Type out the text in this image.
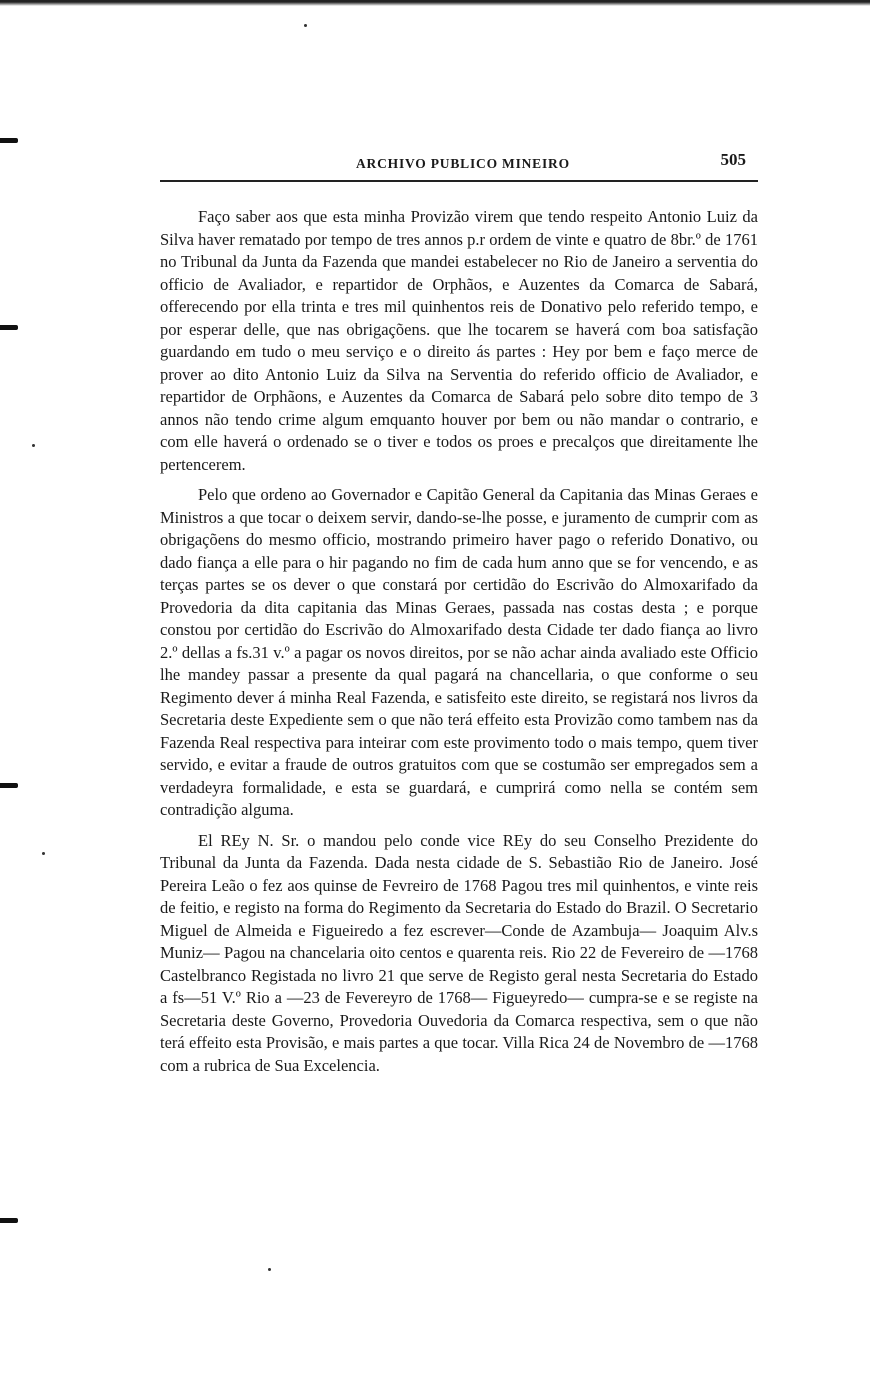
ARCHIVO PUBLICO MINEIRO	505

Faço saber aos que esta minha Provizão virem que tendo respeito Antonio Luiz da Silva haver rematado por tempo de tres annos p.r ordem de vinte e quatro de 8br.º de 1761 no Tribunal da Junta da Fazenda que mandei estabelecer no Rio de Janeiro a serventia do officio de Avaliador, e repartidor de Orphãos, e Auzentes da Comarca de Sabará, offerecendo por ella trinta e tres mil quinhentos reis de Donativo pelo referido tempo, e por esperar delle, que nas obrigaçõens. que lhe tocarem se haverá com boa satisfação guardando em tudo o meu serviço e o direito ás partes : Hey por bem e faço merce de prover ao dito Antonio Luiz da Silva na Serventia do referido officio de Avaliador, e repartidor de Orphãons, e Auzentes da Comarca de Sabará pelo sobre dito tempo de 3 annos não tendo crime algum emquanto houver por bem ou não mandar o contrario, e com elle haverá o ordenado se o tiver e todos os proes e precalços que direitamente lhe pertencerem.

Pelo que ordeno ao Governador e Capitão General da Capitania das Minas Geraes e Ministros a que tocar o deixem servir, dando-se-lhe posse, e juramento de cumprir com as obrigaçõens do mesmo officio, mostrando primeiro haver pago o referido Donativo, ou dado fiança a elle para o hir pagando no fim de cada hum anno que se for vencendo, e as terças partes se os dever o que constará por certidão do Escrivão do Almoxarifado da Provedoria da dita capitania das Minas Geraes, passada nas costas desta ; e porque constou por certidão do Escrivão do Almoxarifado desta Cidade ter dado fiança ao livro 2.º dellas a fs.31 v.º a pagar os novos direitos, por se não achar ainda avaliado este Officio lhe mandey passar a presente da qual pagará na chancellaria, o que conforme o seu Regimento dever á minha Real Fazenda, e satisfeito este direito, se registará nos livros da Secretaria deste Expediente sem o que não terá effeito esta Provizão como tambem nas da Fazenda Real respectiva para inteirar com este provimento todo o mais tempo, quem tiver servido, e evitar a fraude de outros gratuitos com que se costumão ser empregados sem a verdadeyra formalidade, e esta se guardará, e cumprirá como nella se contém sem contradição alguma.

El REy N. Sr. o mandou pelo conde vice REy do seu Conselho Prezidente do Tribunal da Junta da Fazenda. Dada nesta cidade de S. Sebastião Rio de Janeiro. José Pereira Leão o fez aos quinse de Fevreiro de 1768 Pagou tres mil quinhentos, e vinte reis de feitio, e registo na forma do Regimento da Secretaria do Estado do Brazil. O Secretario Miguel de Almeida e Figueiredo a fez escrever—Conde de Azambuja— Joaquim Alv.s Muniz— Pagou na chancelaria oito centos e quarenta reis. Rio 22 de Fevereiro de —1768 Castelbranco Registada no livro 21 que serve de Registo geral nesta Secretaria do Estado a fs—51 V.º Rio a —23 de Fevereyro de 1768— Figueyredo— cumpra-se e se registe na Secretaria deste Governo, Provedoria Ouvedoria da Comarca respectiva, sem o que não terá effeito esta Provisão, e mais partes a que tocar. Villa Rica 24 de Novembro de —1768 com a rubrica de Sua Excelencia.
